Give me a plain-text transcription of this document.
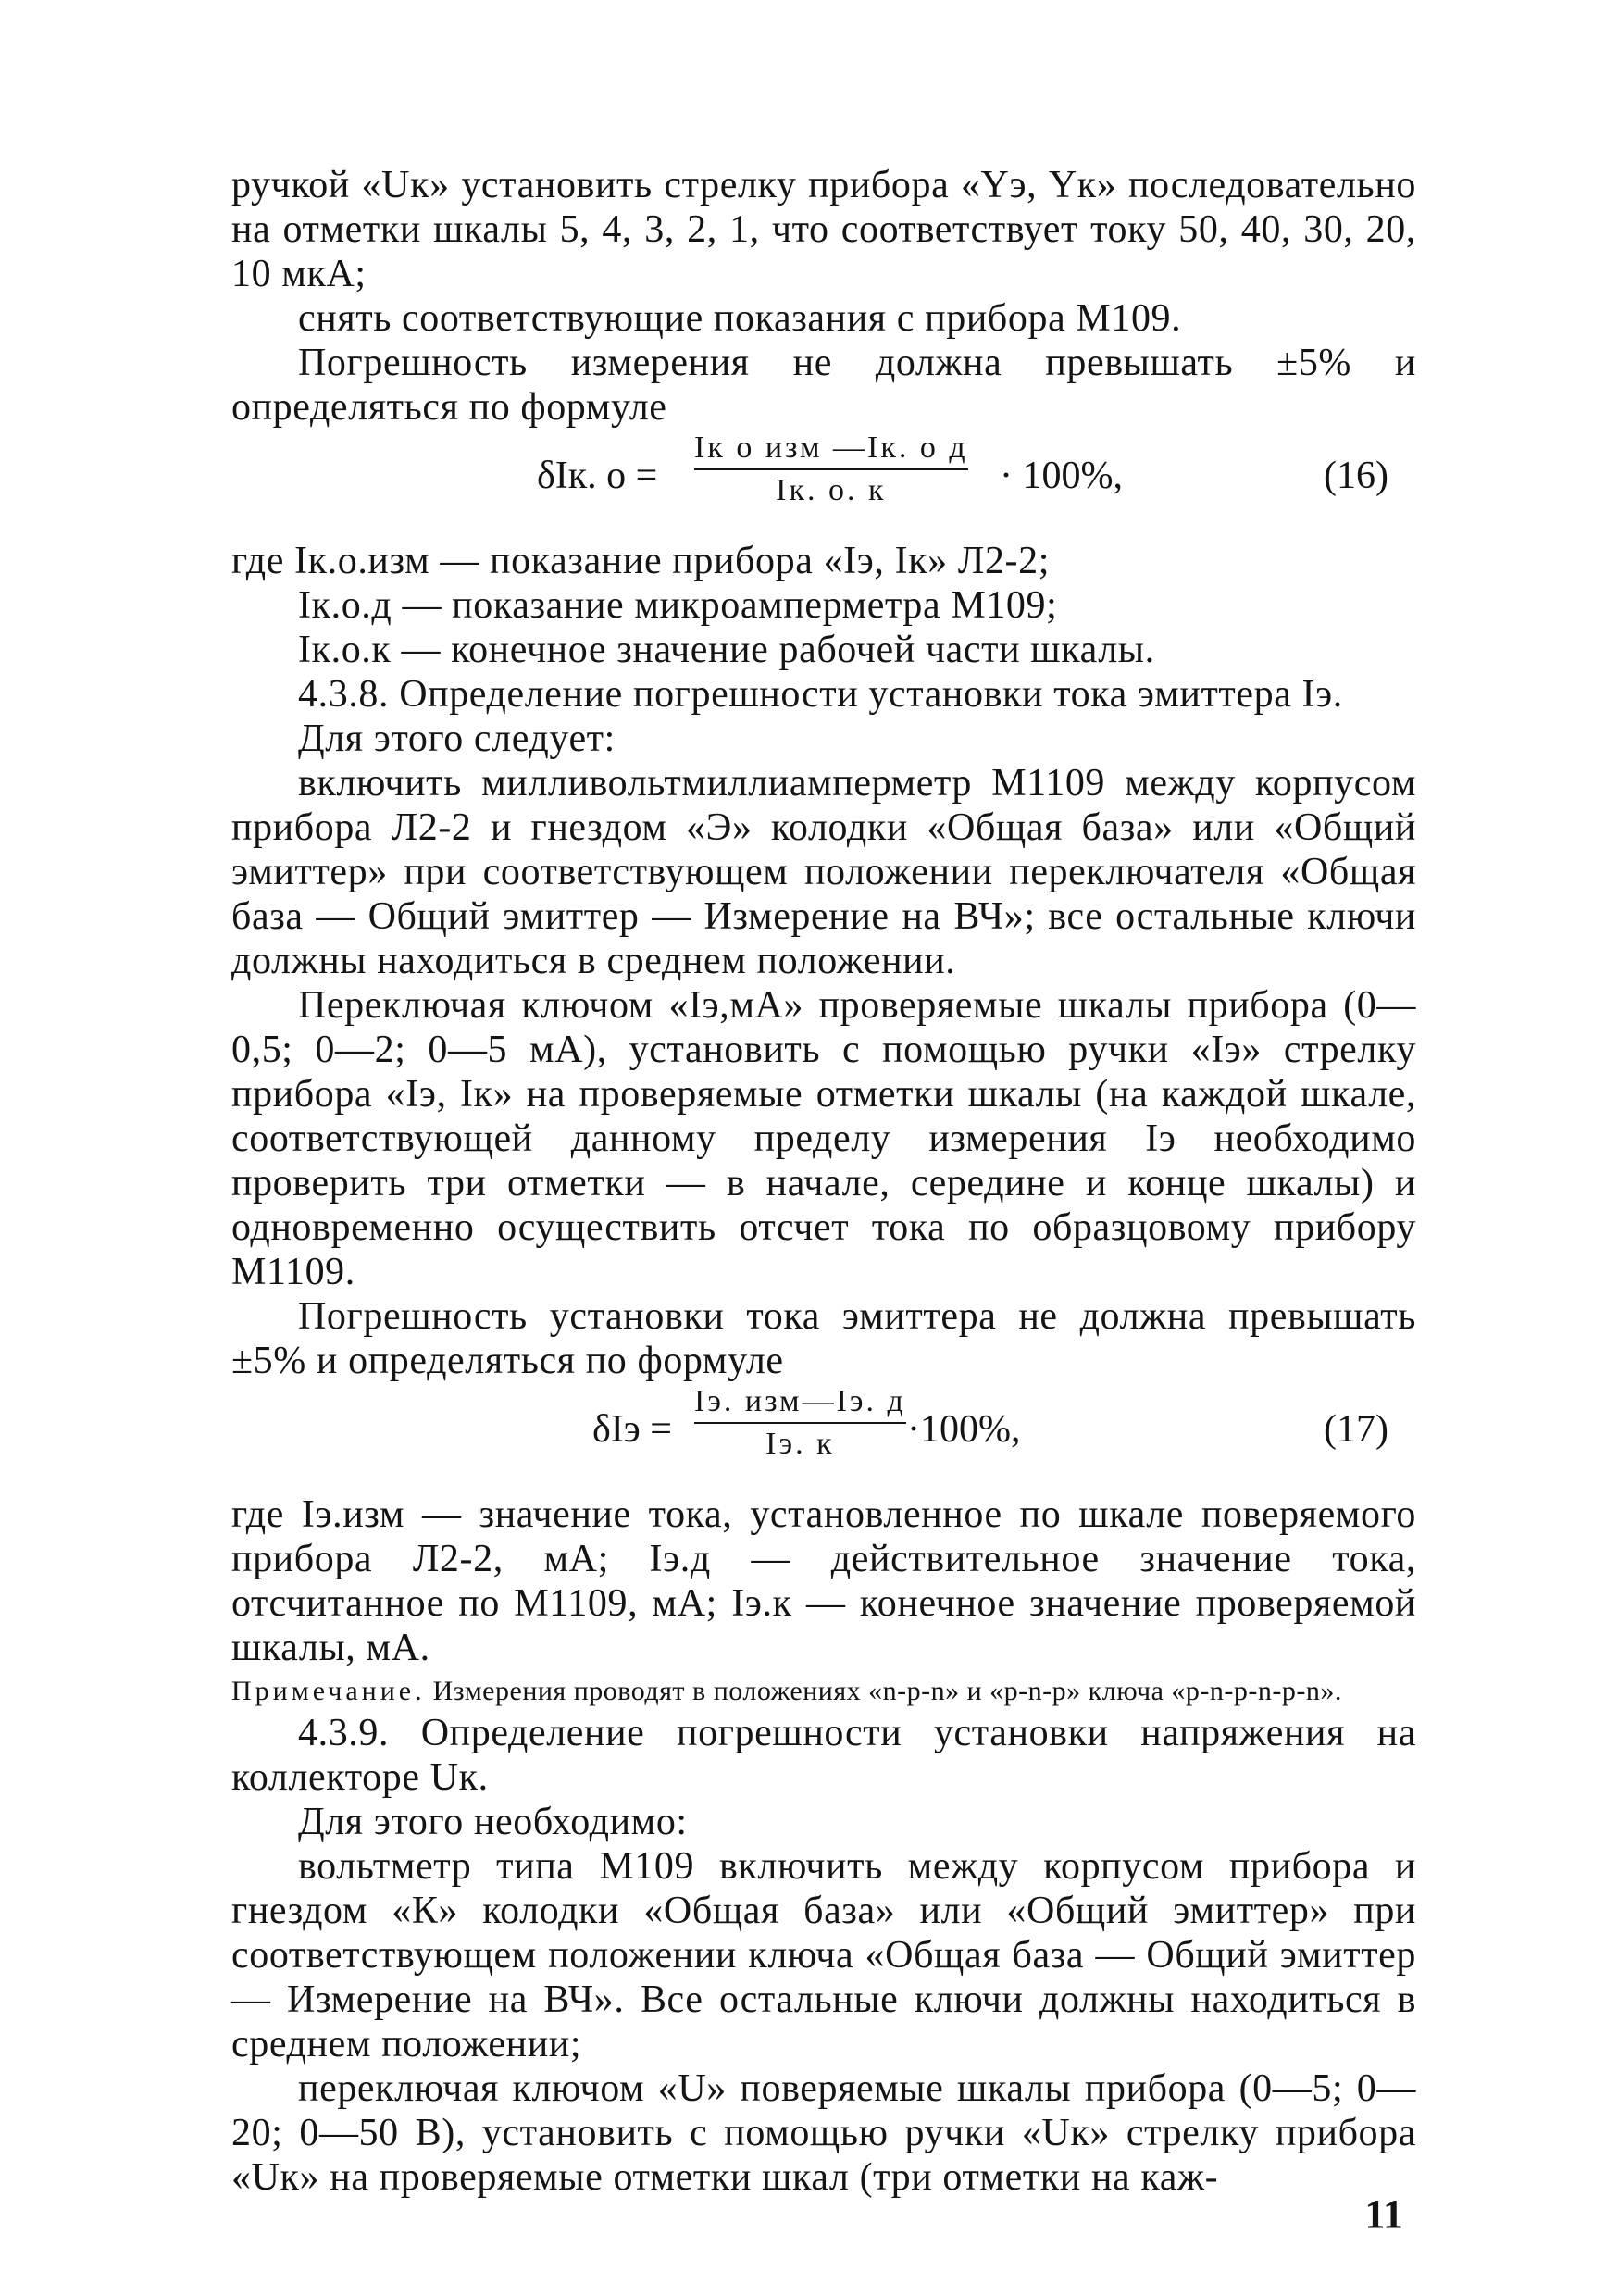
ручкой «Uк» установить стрелку прибора «Yэ, Yк» последовательно на отметки шкалы 5, 4, 3, 2, 1, что соответствует току 50, 40, 30, 20, 10 мкА;

снять соответствующие показания с прибора М109.

Погрешность измерения не должна превышать ±5% и определяться по формуле

δIк. о =
Iк о изм —Iк. о д
Iк. о. к	· 100%,	(16)

где Iк.о.изм — показание прибора «Iэ, Iк» Л2-2;

Iк.о.д — показание микроамперметра М109;

Iк.о.к — конечное значение рабочей части шкалы.

4.3.8. Определение погрешности установки тока эмиттера Iэ.

Для этого следует:

включить милливольтмиллиамперметр М1109 между корпусом прибора Л2-2 и гнездом «Э» колодки «Общая база» или «Общий эмиттер» при соответствующем положении переключателя «Общая база — Общий эмиттер — Измерение на ВЧ»; все остальные ключи должны находиться в среднем положении.

Переключая ключом «Iэ,мА» проверяемые шкалы прибора (0—0,5; 0—2; 0—5 мА), установить с помощью ручки «Iэ» стрелку прибора «Iэ, Iк» на проверяемые отметки шкалы (на каждой шкале, соответствующей данному пределу измерения Iэ необходимо проверить три отметки — в начале, середине и конце шкалы) и одновременно осуществить отсчет тока по образцовому прибору М1109.

Погрешность установки тока эмиттера не должна превышать ±5% и определяться по формуле

δIэ =
Iэ. изм—Iэ. д
Iэ. к ·100%,	(17)

где Iэ.изм — значение тока, установленное по шкале поверяемого прибора Л2-2, мА; Iэ.д — действительное значение тока, отсчитанное по М1109, мА; Iэ.к — конечное значение проверяемой шкалы, мА.

Примечание. Измерения проводят в положениях «n-p-n» и «p-n-p» ключа «p-n-p-n-p-n».

4.3.9. Определение погрешности установки напряжения на коллекторе Uк.

Для этого необходимо:

вольтметр типа М109 включить между корпусом прибора и гнездом «К» колодки «Общая база» или «Общий эмиттер» при соответствующем положении ключа «Общая база — Общий эмиттер — Измерение на ВЧ». Все остальные ключи должны находиться в среднем положении;

переключая ключом «U» поверяемые шкалы прибора (0—5; 0—20; 0—50 В), установить с помощью ручки «Uк» стрелку прибора «Uк» на проверяемые отметки шкал (три отметки на каж-

11
